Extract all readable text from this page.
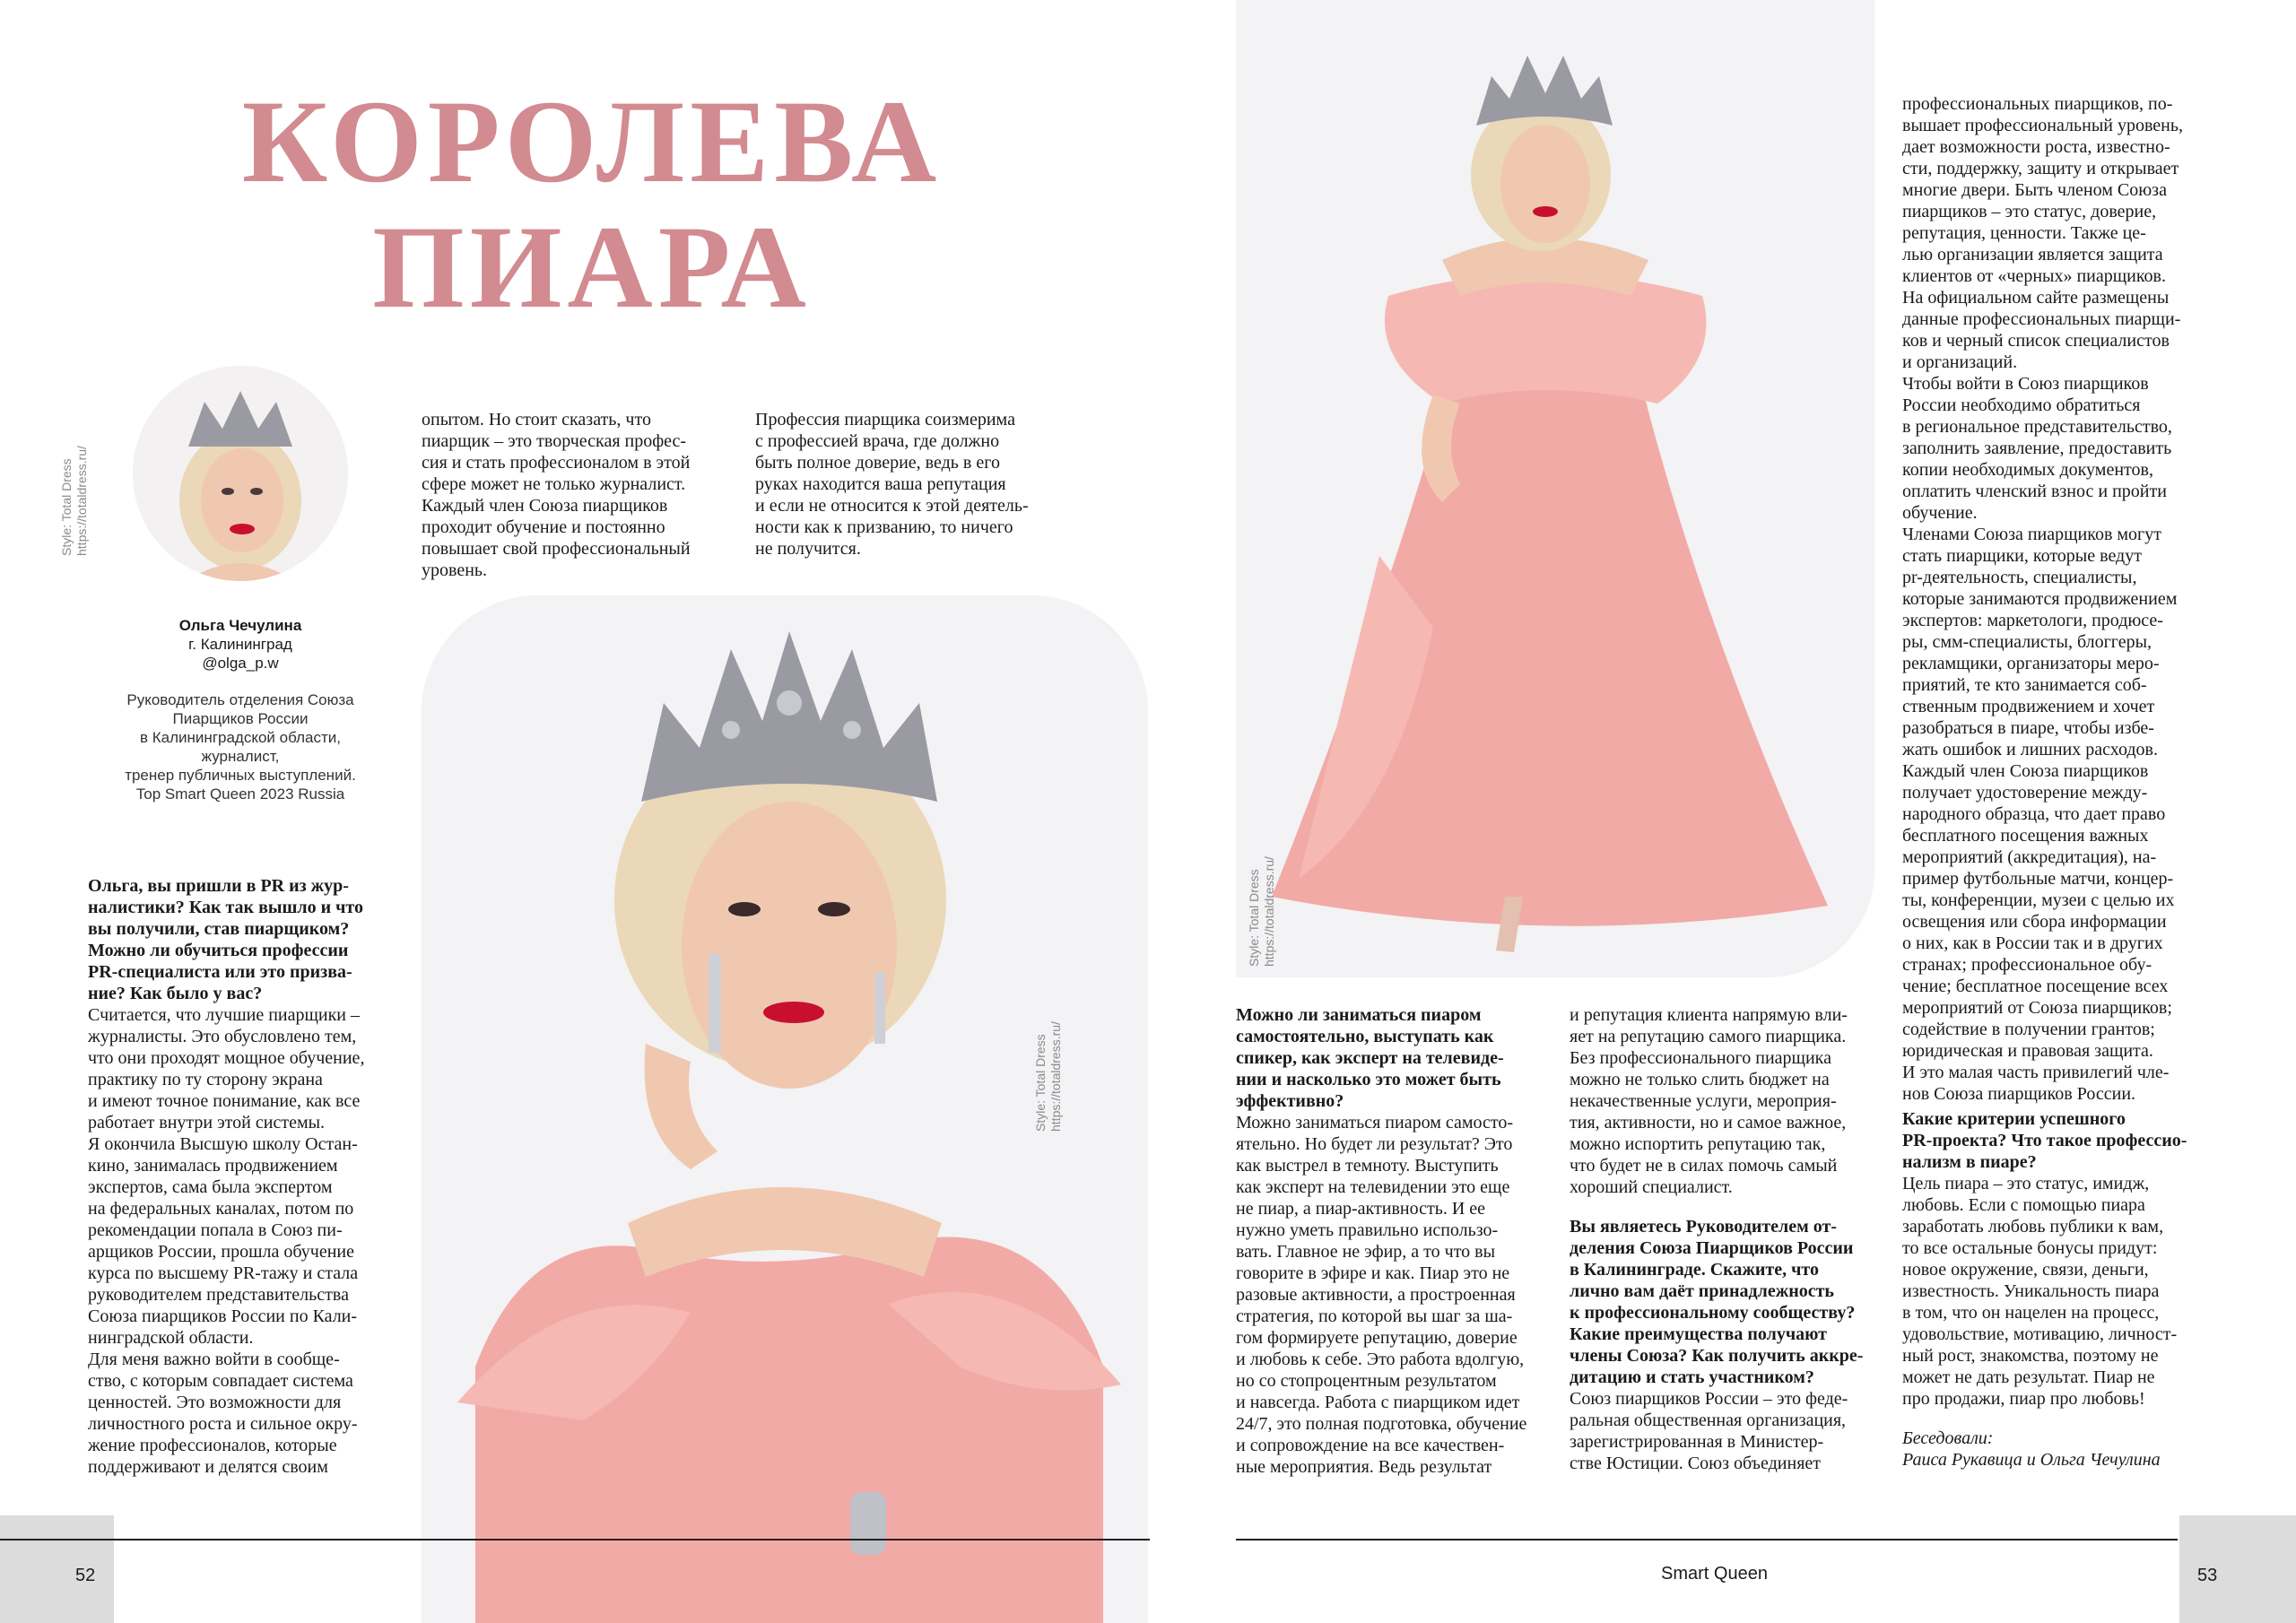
КОРОЛЕВА
ПИАРА
Style: Total Dress
https://totaldress.ru/
Ольга Чечулина
г. Калининград
@olga_p.w
Руководитель отделения Союза
Пиарщиков России
в Калининградской области,
журналист,
тренер публичных выступлений.
Top Smart Queen 2023 Russia
Ольга, вы пришли в PR из жур-
налистики? Как так вышло и что
вы получили, став пиарщиком?
Можно ли обучиться профессии
PR-специалиста или это призва-
ние? Как было у вас?
Считается, что лучшие пиарщики –
журналисты. Это обусловлено тем,
что они проходят мощное обучение,
практику по ту сторону экрана
и имеют точное понимание, как все
работает внутри этой системы.
Я окончила Высшую школу Остан-
кино, занималась продвижением
экспертов, сама была экспертом
на федеральных каналах, потом по
рекомендации попала в Союз пи-
арщиков России, прошла обучение
курса по высшему PR-тажу и стала
руководителем представительства
Союза пиарщиков России по Кали-
нинградской области.
Для меня важно войти в сообще-
ство, с которым совпадает система
ценностей. Это возможности для
личностного роста и сильное окру-
жение профессионалов, которые
поддерживают и делятся своим
опытом. Но стоит сказать, что
пиарщик – это творческая профес-
сия и стать профессионалом в этой
сфере может не только журналист.
Каждый член Союза пиарщиков
проходит обучение и постоянно
повышает свой профессиональный
уровень.
Профессия пиарщика соизмерима
с профессией врача, где должно
быть полное доверие, ведь в его
руках находится ваша репутация
и если не относится к этой деятель-
ности как к призванию, то ничего
не получится.
Style: Total Dress
https://totaldress.ru/
52
Style: Total Dress
https://totaldress.ru/
Можно ли заниматься пиаром
самостоятельно, выступать как
спикер, как эксперт на телевиде-
нии и насколько это может быть
эффективно?
Можно заниматься пиаром самосто-
ятельно. Но будет ли результат? Это
как выстрел в темноту. Выступить
как эксперт на телевидении это еще
не пиар, а пиар-активность. И ее
нужно уметь правильно использо-
вать. Главное не эфир, а то что вы
говорите в эфире и как. Пиар это не
разовые активности, а простроенная
стратегия, по которой вы шаг за ша-
гом формируете репутацию, доверие
и любовь к себе. Это работа вдолгую,
но со стопроцентным результатом
и навсегда. Работа с пиарщиком идет
24/7, это полная подготовка, обучение
и сопровождение на все качествен-
ные мероприятия. Ведь результат
и репутация клиента напрямую вли-
яет на репутацию самого пиарщика.
Без профессионального пиарщика
можно не только слить бюджет на
некачественные услуги, мероприя-
тия, активности, но и самое важное,
можно испортить репутацию так,
что будет не в силах помочь самый
хороший специалист.
Вы являетесь Руководителем от-
деления Союза Пиарщиков России
в Калининграде. Скажите, что
лично вам даёт принадлежность
к профессиональному сообществу?
Какие преимущества получают
члены Союза? Как получить аккре-
дитацию и стать участником?
Союз пиарщиков России – это феде-
ральная общественная организация,
зарегистрированная в Министер-
стве Юстиции. Союз объединяет
профессиональных пиарщиков, по-
вышает профессиональный уровень,
дает возможности роста, известно-
сти, поддержку, защиту и открывает
многие двери. Быть членом Союза
пиарщиков – это статус, доверие,
репутация, ценности. Также це-
лью организации является защита
клиентов от «черных» пиарщиков.
На официальном сайте размещены
данные профессиональных пиарщи-
ков и черный список специалистов
и организаций.
Чтобы войти в Союз пиарщиков
России необходимо обратиться
в региональное представительство,
заполнить заявление, предоставить
копии необходимых документов,
оплатить членский взнос и пройти
обучение.
Членами Союза пиарщиков могут
стать пиарщики, которые ведут
pr-деятельность, специалисты,
которые занимаются продвижением
экспертов: маркетологи, продюсе-
ры, смм-специалисты, блоггеры,
рекламщики, организаторы меро-
приятий, те кто занимается соб-
ственным продвижением и хочет
разобраться в пиаре, чтобы избе-
жать ошибок и лишних расходов.
Каждый член Союза пиарщиков
получает удостоверение между-
народного образца, что дает право
бесплатного посещения важных
мероприятий (аккредитация), на-
пример футбольные матчи, концер-
ты, конференции, музеи с целью их
освещения или сбора информации
о них, как в России так и в других
странах; профессиональное обу-
чение; бесплатное посещение всех
мероприятий от Союза пиарщиков;
содействие в получении грантов;
юридическая и правовая защита.
И это малая часть привилегий чле-
нов Союза пиарщиков России.
Какие критерии успешного
PR-проекта? Что такое профессио-
нализм в пиаре?
Цель пиара – это статус, имидж,
любовь. Если с помощью пиара
заработать любовь публики к вам,
то все остальные бонусы придут:
новое окружение, связи, деньги,
известность. Уникальность пиара
в том, что он нацелен на процесс,
удовольствие, мотивацию, личност-
ный рост, знакомства, поэтому не
может не дать результат. Пиар не
про продажи, пиар про любовь!
Беседовали:
Раиса Рукавица и Ольга Чечулина
Smart Queen	53
